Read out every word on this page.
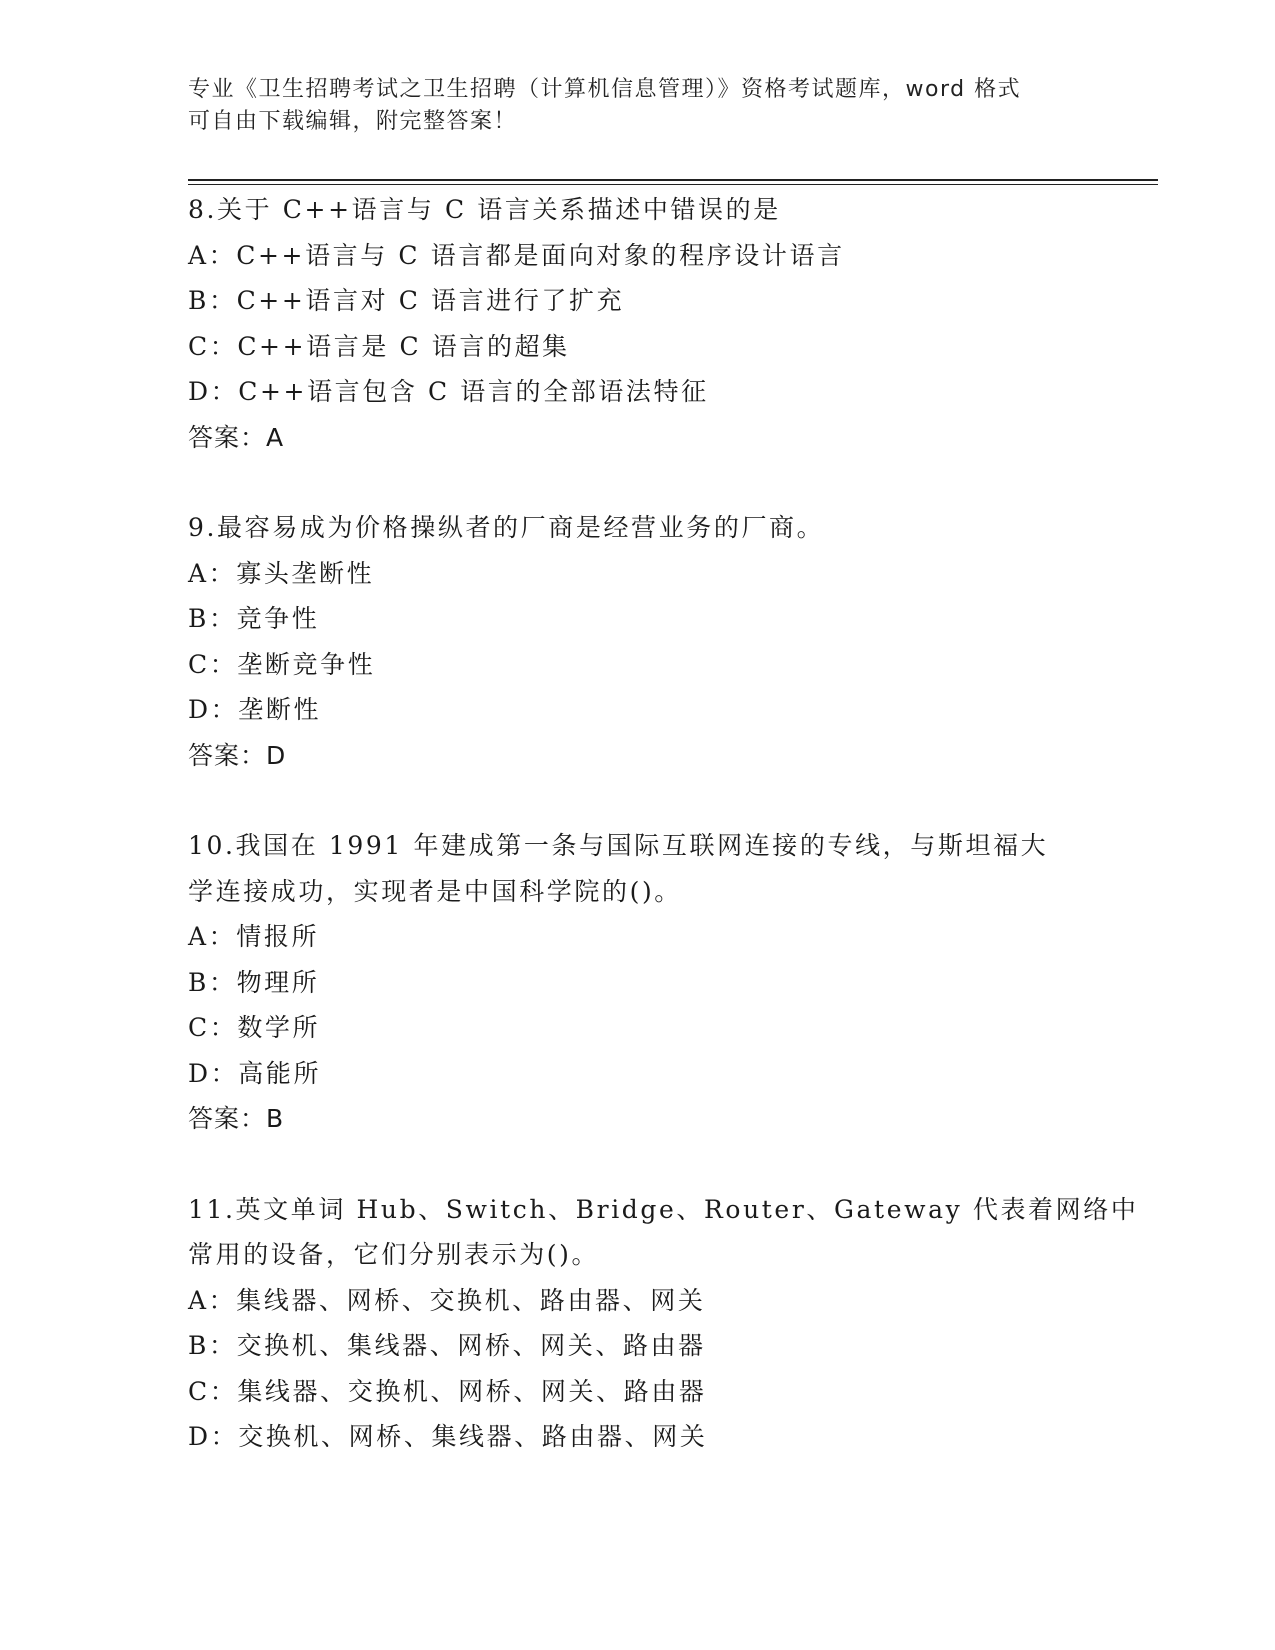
专业《卫生招聘考试之卫生招聘（计算机信息管理）》资格考试题库，word 格式
可自由下载编辑，附完整答案！
8.关于 C++语言与 C 语言关系描述中错误的是
A：C++语言与 C 语言都是面向对象的程序设计语言
B：C++语言对 C 语言进行了扩充
C：C++语言是 C 语言的超集
D：C++语言包含 C 语言的全部语法特征
答案：A
9.最容易成为价格操纵者的厂商是经营业务的厂商。
A：寡头垄断性
B：竞争性
C：垄断竞争性
D：垄断性
答案：D
10.我国在 1991 年建成第一条与国际互联网连接的专线，与斯坦福大
学连接成功，实现者是中国科学院的()。
A：情报所
B：物理所
C：数学所
D：高能所
答案：B
11.英文单词 Hub、Switch、Bridge、Router、Gateway 代表着网络中
常用的设备，它们分别表示为()。
A：集线器、网桥、交换机、路由器、网关
B：交换机、集线器、网桥、网关、路由器
C：集线器、交换机、网桥、网关、路由器
D：交换机、网桥、集线器、路由器、网关
